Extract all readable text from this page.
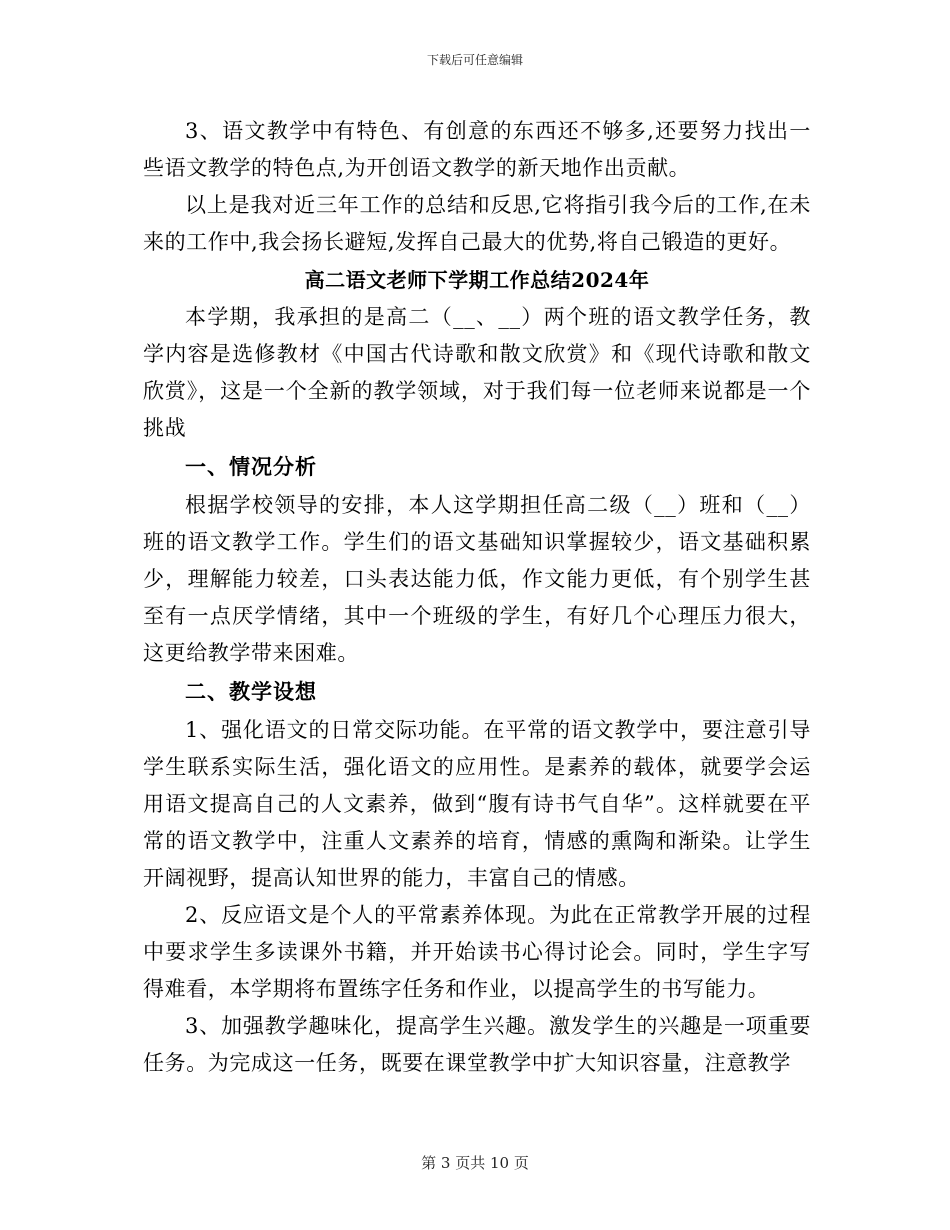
下载后可任意编辑

3、语文教学中有特色、有创意的东西还不够多,还要努力找出一些语文教学的特色点,为开创语文教学的新天地作出贡献。

以上是我对近三年工作的总结和反思,它将指引我今后的工作,在未来的工作中,我会扬长避短,发挥自己最大的优势,将自己锻造的更好。

高二语文老师下学期工作总结2024年

本学期，我承担的是高二（__、__）两个班的语文教学任务，教学内容是选修教材《中国古代诗歌和散文欣赏》和《现代诗歌和散文欣赏》，这是一个全新的教学领域，对于我们每一位老师来说都是一个挑战

一、情况分析

根据学校领导的安排，本人这学期担任高二级（__）班和（__）班的语文教学工作。学生们的语文基础知识掌握较少，语文基础积累少，理解能力较差，口头表达能力低，作文能力更低，有个别学生甚至有一点厌学情绪，其中一个班级的学生，有好几个心理压力很大，这更给教学带来困难。

二、教学设想

1、强化语文的日常交际功能。在平常的语文教学中，要注意引导学生联系实际生活，强化语文的应用性。是素养的载体，就要学会运用语文提高自己的人文素养，做到“腹有诗书气自华”。这样就要在平常的语文教学中，注重人文素养的培育，情感的熏陶和渐染。让学生开阔视野，提高认知世界的能力，丰富自己的情感。

2、反应语文是个人的平常素养体现。为此在正常教学开展的过程中要求学生多读课外书籍，并开始读书心得讨论会。同时，学生字写得难看，本学期将布置练字任务和作业，以提高学生的书写能力。

3、加强教学趣味化，提高学生兴趣。激发学生的兴趣是一项重要任务。为完成这一任务，既要在课堂教学中扩大知识容量，注意教学

第 3 页共 10 页
